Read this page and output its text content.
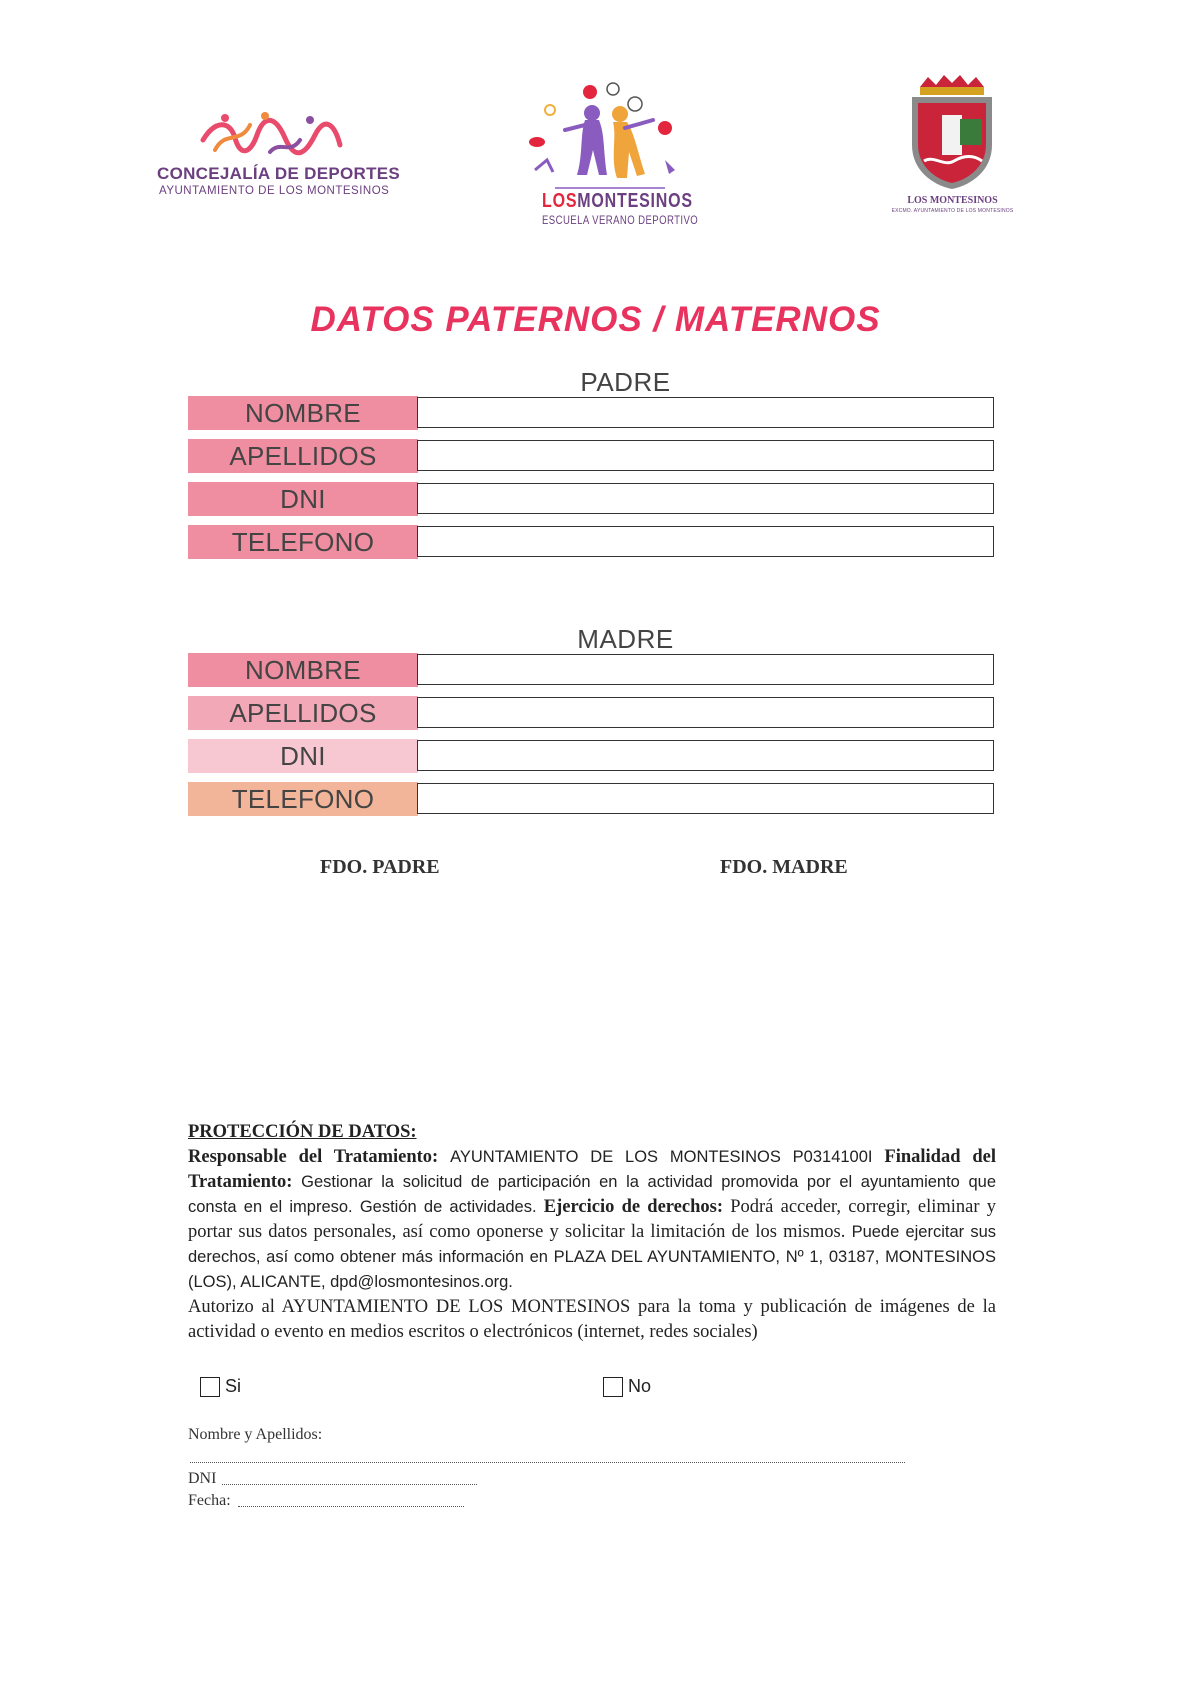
CONCEJALÍA DE DEPORTES
AYUNTAMIENTO DE LOS MONTESINOS	LOSMONTESINOS
ESCUELA VERANO DEPORTIVO
LOS MONTESINOS
EXCMO. AYUNTAMIENTO DE LOS MONTESINOS
DATOS PATERNOS / MATERNOS
PADRE
NOMBRE
APELLIDOS
DNI
TELEFONO
MADRE
NOMBRE
APELLIDOS
DNI
TELEFONO
FDO. PADRE	FDO. MADRE
PROTECCIÓN DE DATOS:
Responsable del Tratamiento: AYUNTAMIENTO DE LOS MONTESINOS P0314100I Finalidad del Tratamiento: Gestionar la solicitud de participación en la actividad promovida por el ayuntamiento que consta en el impreso. Gestión de actividades. Ejercicio de derechos: Podrá acceder, corregir, eliminar y portar sus datos personales, así como oponerse y solicitar la limitación de los mismos. Puede ejercitar sus derechos, así como obtener más información en PLAZA DEL AYUNTAMIENTO, Nº 1, 03187, MONTESINOS (LOS), ALICANTE, dpd@losmontesinos.org.
Autorizo al AYUNTAMIENTO DE LOS MONTESINOS para la toma y publicación de imágenes de la actividad o evento en medios escritos o electrónicos (internet, redes sociales)
Si	No
Nombre y Apellidos:
DNI
Fecha:
